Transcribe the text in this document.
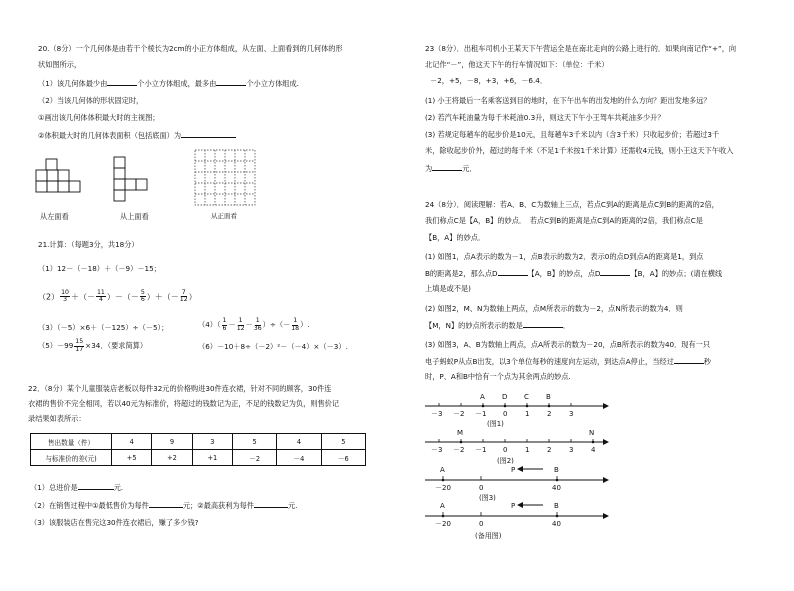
20.（8分）一个几何体是由若干个棱长为2cm的小正方体组成，从左面、上面看到的几何体的形
状如图所示，
（1）该几何体最少由	个小立方体组成，最多由	个小立方体组成.
（2）当该几何体的形状固定时，
①画出该几何体体积最大时的主视图；
②体积最大时的几何体表面积（包括底面）为
从左面看	从上面看	从正面看
21.计算：（每题3分，共18分）
（1）12－（－18）＋（－9）－15；
$(2) \frac{10}{3}$ ＋（－ $\frac{11}{4}$ ）－（－ $\frac{5}{6}$ ）＋（－ $\frac{7}{12}$ ）
（3）（－5）×6＋（－125）÷（－5）；	$(4)( \frac{1}{6} - \frac{1}{12} - \frac{1}{36}$ ）÷（－ $\frac{1}{18}$ ）.
$(5)-99 \frac{15}{17} \times 34$．（要求简算）	（6）－10＋8÷（－2）²－（－4）×（－3）.
22．（8分）某个儿童服装店老板以每件32元的价格购进30件连衣裙，针对不同的顾客，30件连
衣裙的售价不完全相同，若以40元为标准价，将超过的钱数记为正，不足的钱数记为负，则售价记
录结果如表所示：
售出数量（件）	4	9	3	5	4	5
与标准价的差(元)	+5	+2	+1	－2	－4	－6
（1）总进价是	元.
（2）在销售过程中①最低售价为每件	元；②最高获利为每件	元.
（3）该服装店在售完这30件连衣裙后，赚了多少钱?
23（8分）．出租车司机小王某天下午营运全是在南北走向的公路上进行的．如果向南记作“+”，向
北记作“－”，他这天下午的行车情况如下：（单位：千米）
－2，+5，－8，+3，+6，－6.4．
(1) 小王将最后一名乘客送到目的地时，在下午出车的出发地的什么方向？距出发地多远？
(2) 若汽车耗油量为每千米耗油0.3升，则这天下午小王驾车共耗油多少升？
(3) 若规定每趟车的起步价是10元，且每趟车3千米以内（含3千米）只收起步价；若超过3千
米，除收起步价外，超过的每千米（不足1千米按1千米计算）还需收4元钱，则小王这天下午收入
为	元．
24（8分）．阅读理解：若A、B、C为数轴上三点，若点C到A的距离是点C到B的距离的2倍，
我们称点C是【A，B】的妙点．　若点C到B的距离是点C到A的距离的2倍，我们称点C是
【B，A】的妙点．
(1) 如图1，点A表示的数为－1，点B表示的数为2．表示0的点D到点A的距离是1，到点
B的距离是2，那么点D	【A，B】的妙点，点D	【B，A】的妙点；(请在横线
上填是或不是)
(2) 如图2，M、N为数轴上两点，点M所表示的数为－2，点N所表示的数为4．则
【M，N】的妙点所表示的数是	．
(3) 如图3，A、B为数轴上两点，点A所表示的数为－20，点B所表示的数为40．现有一只
电子蚂蚁P从点B出发，以3个单位每秒的速度向左运动，到达点A停止，当经过	秒
时，P、A和B中恰有一个点为其余两点的妙点.
A D C B
－3 －2 －1 0	1	2	3
(图1)
M	N
－3 －2 －1 0	1	2	3	4
(图2)
A	P	B
－20	0	40
(图3)
A	P	B
－20	0	40
(备用图)
